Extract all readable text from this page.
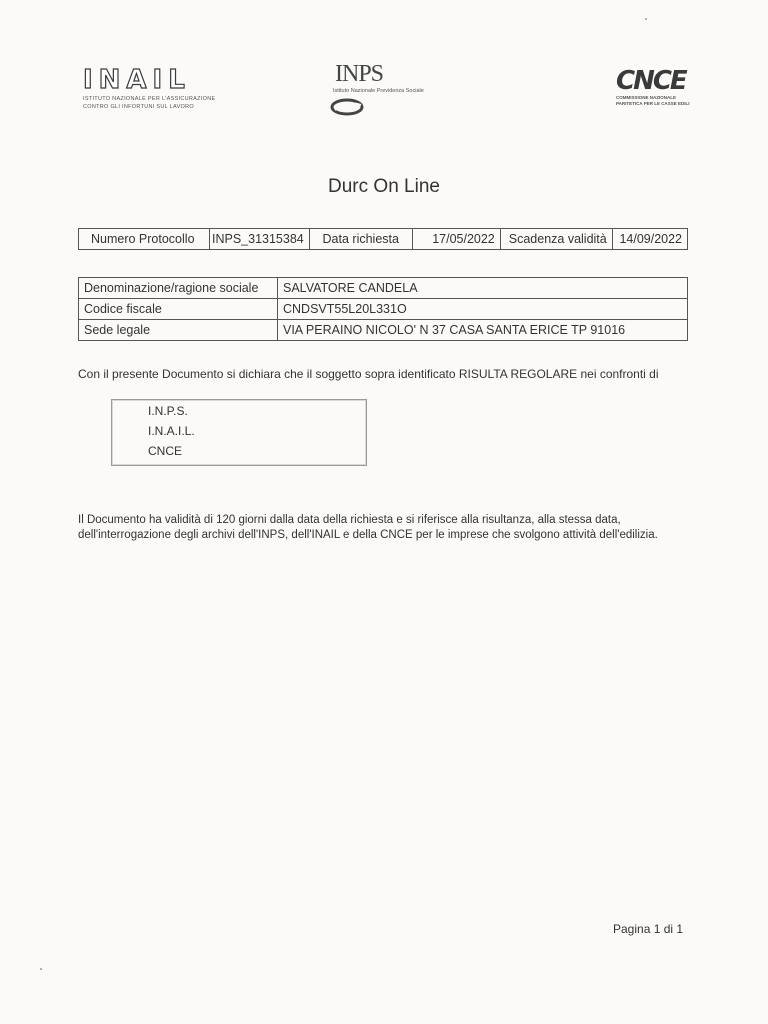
INAIL
ISTITUTO NAZIONALE PER L'ASSICURAZIONE
CONTRO GLI INFORTUNI SUL LAVORO
INPS
Istituto Nazionale Previdenza Sociale	CNCE
COMMISSIONE NAZIONALE
PARITETICA PER LE CASSE EDILI
Durc On Line
Numero Protocollo	INPS_31315384	Data richiesta	17/05/2022	Scadenza validità	14/09/2022
Denominazione/ragione sociale	SALVATORE CANDELA
Codice fiscale	CNDSVT55L20L331O
Sede legale	VIA PERAINO NICOLO' N 37 CASA SANTA ERICE TP 91016
Con il presente Documento si dichiara che il soggetto sopra identificato RISULTA REGOLARE nei confronti di
I.N.P.S.
I.N.A.I.L.
CNCE
Il Documento ha validità di 120 giorni dalla data della richiesta e si riferisce alla risultanza, alla stessa data,
dell'interrogazione degli archivi dell'INPS, dell'INAIL e della CNCE per le imprese che svolgono attività dell'edilizia.
Pagina 1 di 1
